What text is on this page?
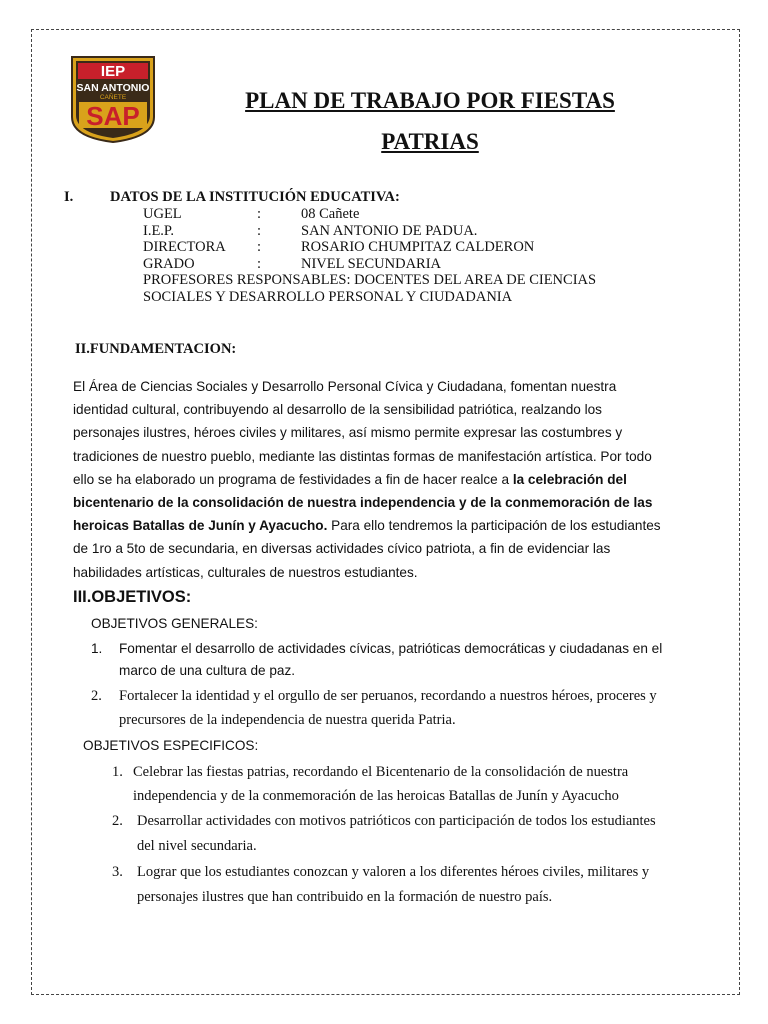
IEP
SAN ANTONIO
CAÑETE
SAP
PLAN DE TRABAJO POR FIESTAS
PATRIAS
I.	DATOS DE LA INSTITUCIÓN EDUCATIVA:
UGEL	:	08 Cañete
I.E.P.	:	SAN ANTONIO DE PADUA.
DIRECTORA :	ROSARIO CHUMPITAZ CALDERON
GRADO	:	NIVEL SECUNDARIA
PROFESORES RESPONSABLES: DOCENTES DEL AREA DE CIENCIAS
SOCIALES Y DESARROLLO PERSONAL Y CIUDADANIA
II.FUNDAMENTACION:

El Área de Ciencias Sociales y Desarrollo Personal Cívica y Ciudadana, fomentan nuestra

identidad cultural, contribuyendo al desarrollo de la sensibilidad patriótica, realzando los

personajes ilustres, héroes civiles y militares, así mismo permite expresar las costumbres y

tradiciones de nuestro pueblo, mediante las distintas formas de manifestación artística. Por todo

ello se ha elaborado un programa de festividades a fin de hacer realce a la celebración del

bicentenario de la consolidación de nuestra independencia y de la conmemoración de las

heroicas Batallas de Junín y Ayacucho. Para ello tendremos la participación de los estudiantes

de 1ro a 5to de secundaria, en diversas actividades cívico patriota, a fin de evidenciar las

habilidades artísticas, culturales de nuestros estudiantes.

III.OBJETIVOS:
OBJETIVOS GENERALES:
1. Fomentar el desarrollo de actividades cívicas, patrióticas democráticas y ciudadanas en el
marco de una cultura de paz.
2. Fortalecer la identidad y el orgullo de ser peruanos, recordando a nuestros héroes, proceres y
precursores de la independencia de nuestra querida Patria.
OBJETIVOS ESPECIFICOS:
1. Celebrar las fiestas patrias, recordando el Bicentenario de la consolidación de nuestra
independencia y de la conmemoración de las heroicas Batallas de Junín y Ayacucho
2. Desarrollar actividades con motivos patrióticos con participación de todos los estudiantes
del nivel secundaria.
3. Lograr que los estudiantes conozcan y valoren a los diferentes héroes civiles, militares y
personajes ilustres que han contribuido en la formación de nuestro país.
